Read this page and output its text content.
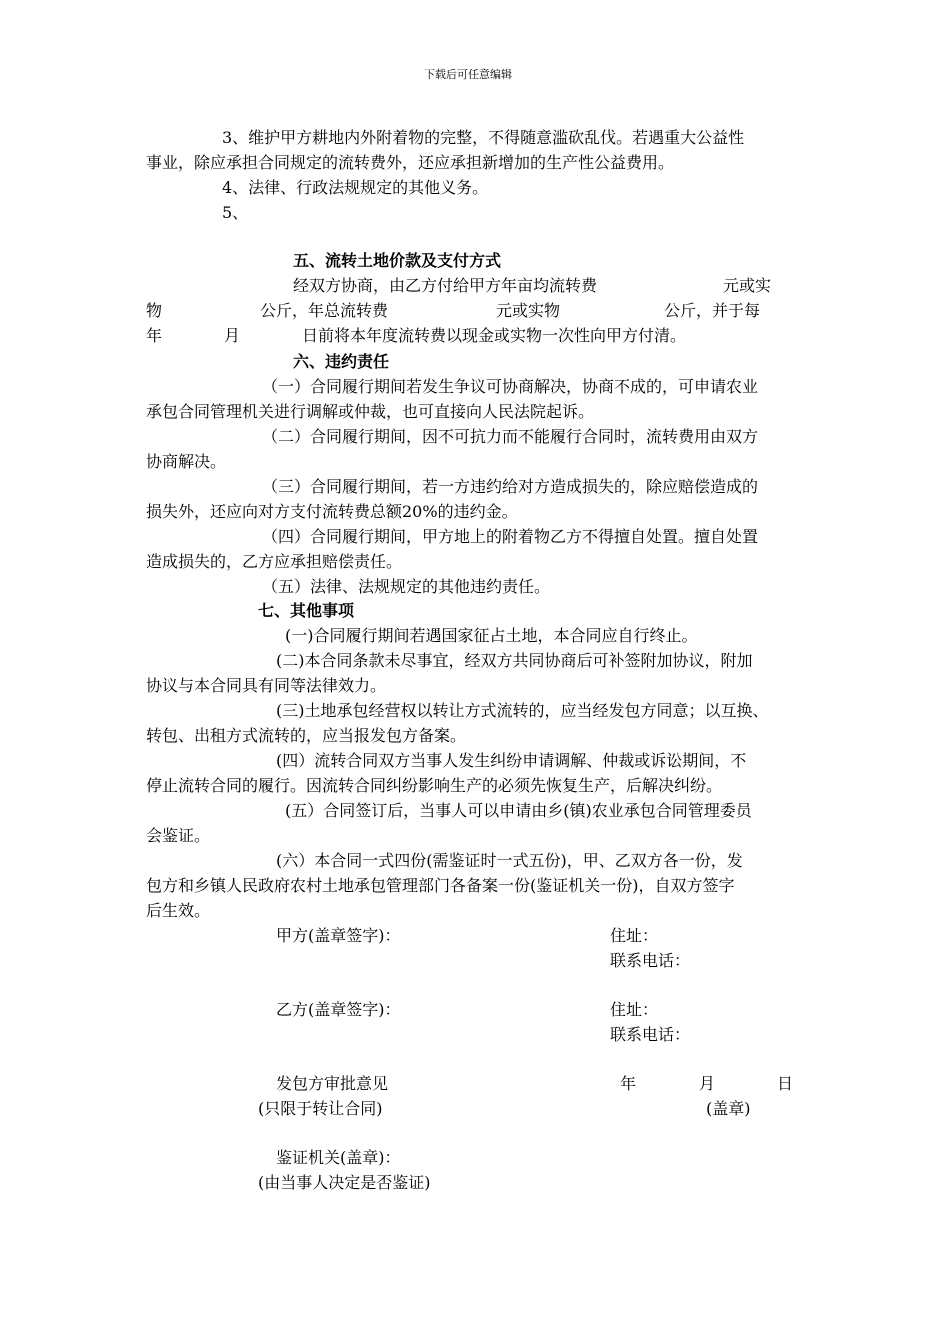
下载后可任意编辑
3、维护甲方耕地内外附着物的完整，不得随意滥砍乱伐。若遇重大公益性
事业，除应承担合同规定的流转费外，还应承担新增加的生产性公益费用。
4、法律、行政法规规定的其他义务。
5、
五、流转土地价款及支付方式
经双方协商，由乙方付给甲方年亩均流转费	元或实
物	公斤，年总流转费	元或实物	公斤，并于每
年	月	日前将本年度流转费以现金或实物一次性向甲方付清。
六、违约责任
（一）合同履行期间若发生争议可协商解决，协商不成的，可申请农业
承包合同管理机关进行调解或仲裁，也可直接向人民法院起诉。
（二）合同履行期间，因不可抗力而不能履行合同时，流转费用由双方
协商解决。
（三）合同履行期间，若一方违约给对方造成损失的，除应赔偿造成的
损失外，还应向对方支付流转费总额20%的违约金。
（四）合同履行期间，甲方地上的附着物乙方不得擅自处置。擅自处置
造成损失的，乙方应承担赔偿责任。
（五）法律、法规规定的其他违约责任。
七、其他事项
(一)合同履行期间若遇国家征占土地，本合同应自行终止。
(二)本合同条款未尽事宜，经双方共同协商后可补签附加协议，附加
协议与本合同具有同等法律效力。
(三)土地承包经营权以转让方式流转的，应当经发包方同意；以互换、
转包、出租方式流转的，应当报发包方备案。
(四）流转合同双方当事人发生纠纷申请调解、仲裁或诉讼期间，不
停止流转合同的履行。因流转合同纠纷影响生产的必须先恢复生产，后解决纠纷。
(五）合同签订后，当事人可以申请由乡(镇)农业承包合同管理委员
会鉴证。
(六）本合同一式四份(需鉴证时一式五份)，甲、乙双方各一份，发
包方和乡镇人民政府农村土地承包管理部门各备案一份(鉴证机关一份)，自双方签字
后生效。
甲方(盖章签字)：	住址：
联系电话：
乙方(盖章签字)：	住址：
联系电话：
发包方审批意见	年	月	日
(只限于转让合同)	(盖章)
鉴证机关(盖章)：
(由当事人决定是否鉴证)
